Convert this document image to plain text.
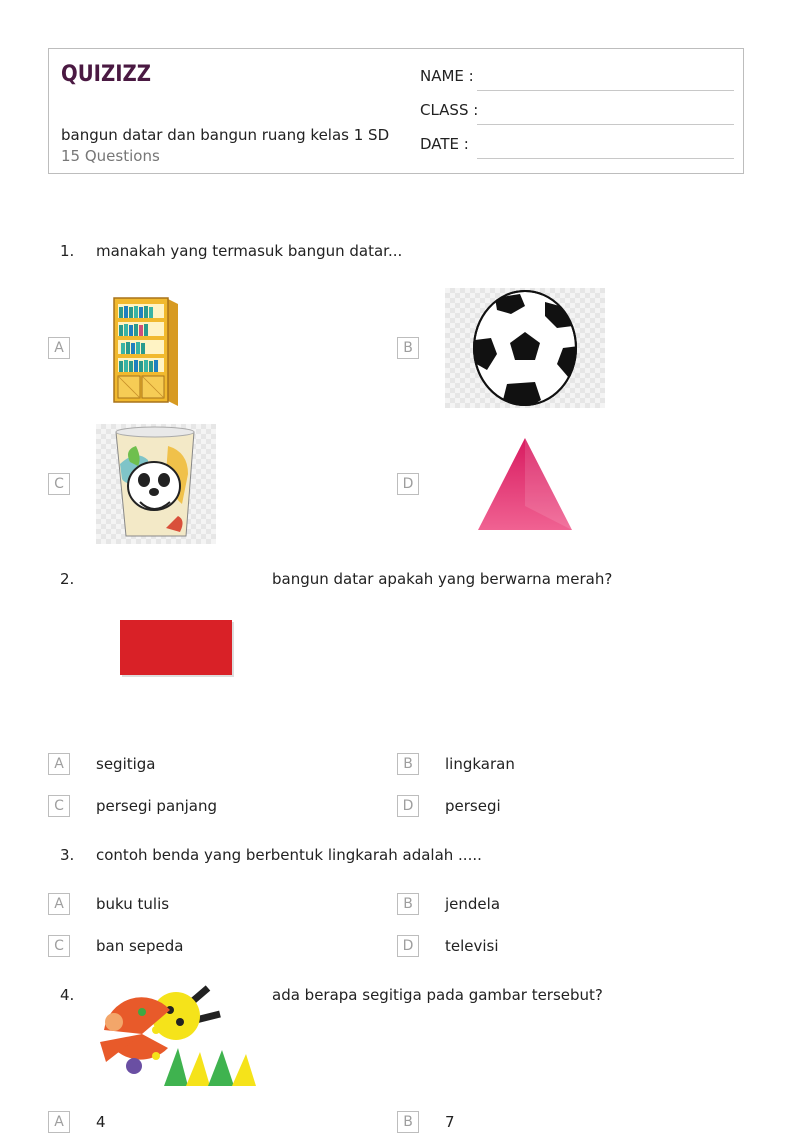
QUIZIZZ
bangun datar dan bangun ruang kelas 1 SD
15 Questions
NAME :
CLASS :
DATE :
1. manakah yang termasuk bangun datar...
A	B
C	D
2.	bangun datar apakah yang berwarna merah?
A	segitiga	B	lingkaran
C	persegi panjang	D	persegi
3. contoh benda yang berbentuk lingkarah adalah .....
A	buku tulis	B	jendela
C	ban sepeda	D	televisi
4.	ada berapa segitiga pada gambar tersebut?
A	4	B	7
